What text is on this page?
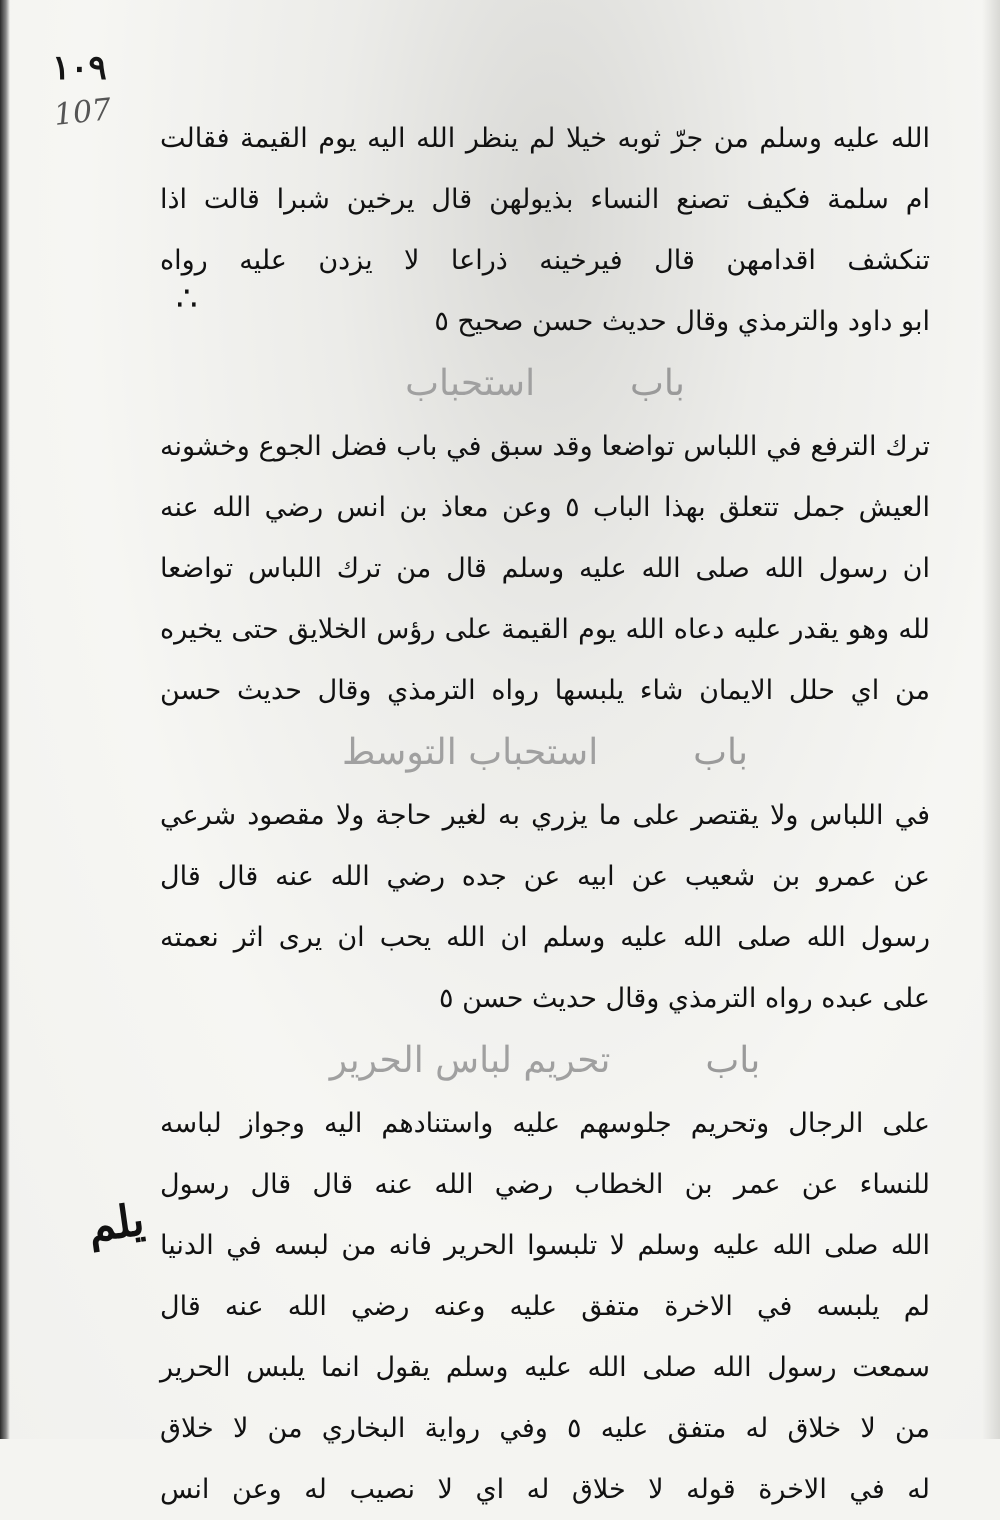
١٠٩
107
يلم
∴
الله عليه وسلم من جرّ ثوبه خيلا لم ينظر الله اليه يوم القيمة فقالت
ام سلمة فكيف تصنع النساء بذيولهن قال يرخين شبرا قالت اذا
تنكشف اقدامهن قال فيرخينه ذراعا لا يزدن عليه رواه
ابو داود والترمذي وقال حديث حسن صحيح ٥
باب    استحباب
ترك الترفع في اللباس تواضعا وقد سبق في باب فضل الجوع وخشونه
العيش جمل تتعلق بهذا الباب ٥ وعن معاذ بن انس رضي الله عنه
ان رسول الله صلى الله عليه وسلم قال من ترك اللباس تواضعا
لله وهو يقدر عليه دعاه الله يوم القيمة على رؤس الخلايق حتى يخيره
من اي حلل الايمان شاء يلبسها رواه الترمذي وقال حديث حسن
باب    استحباب التوسط
في اللباس ولا يقتصر على ما يزري به لغير حاجة ولا مقصود شرعي
عن عمرو بن شعيب عن ابيه عن جده رضي الله عنه قال قال
رسول الله صلى الله عليه وسلم ان الله يحب ان يرى اثر نعمته
على عبده رواه الترمذي وقال حديث حسن ٥
باب    تحريم لباس الحرير
على الرجال وتحريم جلوسهم عليه واستنادهم اليه وجواز لباسه
للنساء عن عمر بن الخطاب رضي الله عنه قال قال رسول
الله صلى الله عليه وسلم لا تلبسوا الحرير فانه من لبسه في الدنيا
لم يلبسه في الاخرة متفق عليه وعنه رضي الله عنه قال
سمعت رسول الله صلى الله عليه وسلم يقول انما يلبس الحرير
من لا خلاق له متفق عليه ٥ وفي رواية البخاري من لا خلاق
له في الاخرة قوله لا خلاق له اي لا نصيب له وعن انس
